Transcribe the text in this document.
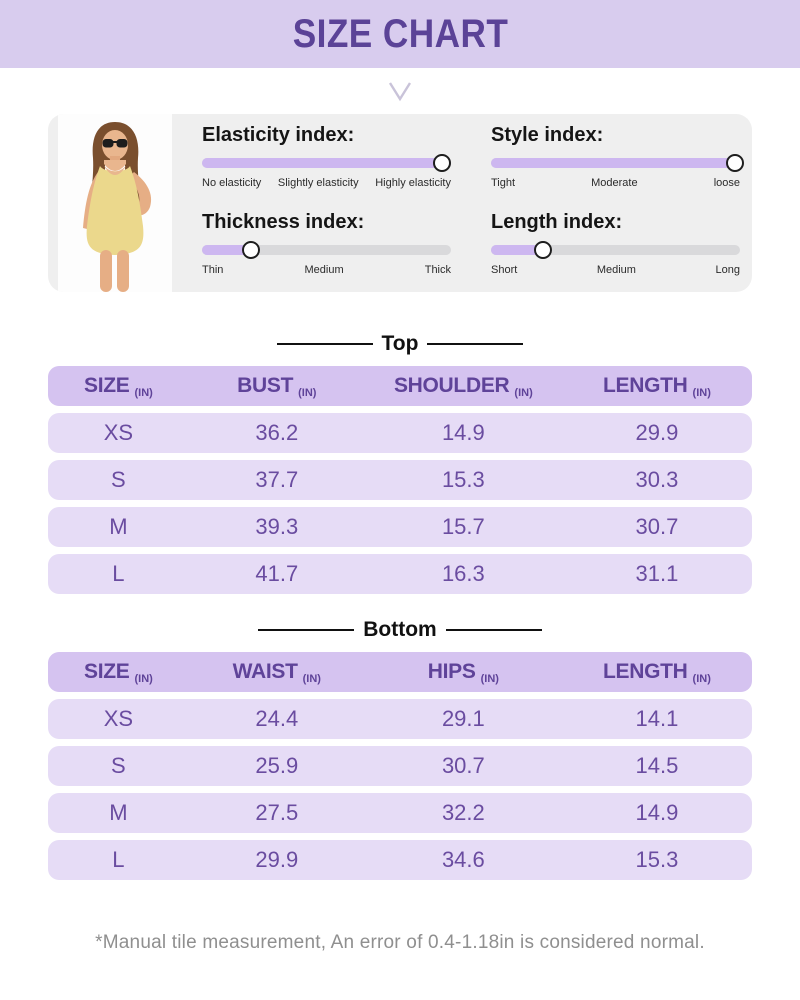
SIZE CHART
Elasticity index:
No elasticity Slightly elasticity Highly elasticity
Style index:
Tight	Moderate	loose
Thickness index:
Thin	Medium	Thick
Length index:
Short	Medium	Long
Top
SIZE (IN)	BUST (IN)	SHOULDER (IN)	LENGTH (IN)
XS	36.2	14.9	29.9
S	37.7	15.3	30.3
M	39.3	15.7	30.7
L	41.7	16.3	31.1
Bottom
SIZE (IN)	WAIST (IN)	HIPS (IN)	LENGTH (IN)
XS	24.4	29.1	14.1
S	25.9	30.7	14.5
M	27.5	32.2	14.9
L	29.9	34.6	15.3

*Manual tile measurement, An error of 0.4-1.18in is considered normal.
